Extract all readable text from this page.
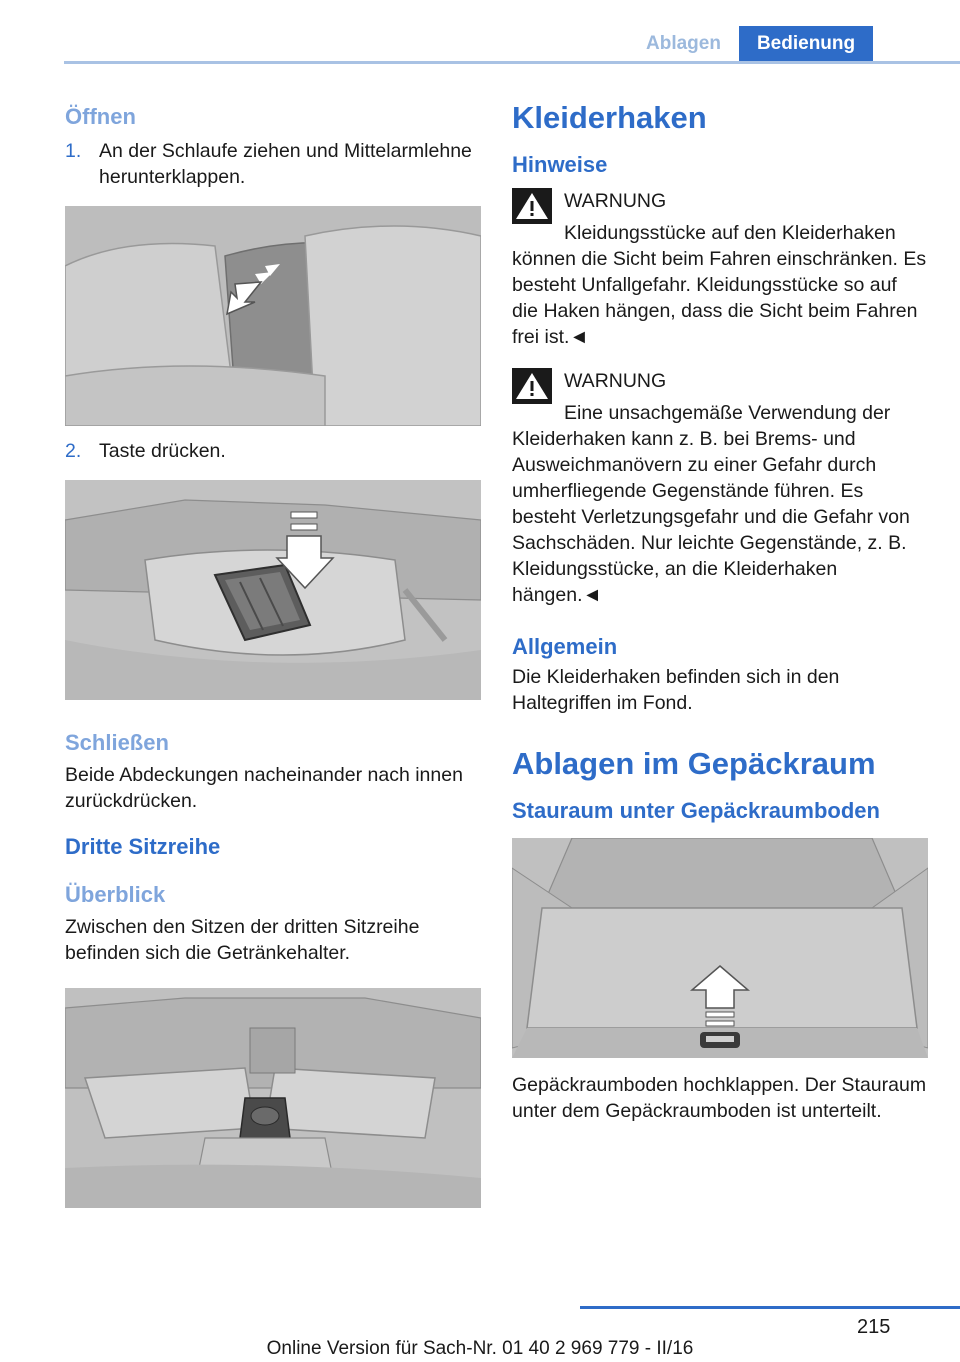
Ablagen	Bedienung
Öffnen
1. An der Schlaufe ziehen und Mittelarmlehne herunterklappen.
2. Taste drücken.
Schließen
Beide Abdeckungen nacheinander nach innen zurückdrücken.
Dritte Sitzreihe
Überblick
Zwischen den Sitzen der dritten Sitzreihe befinden sich die Getränkehalter.
Kleiderhaken
Hinweise
WARNUNG
Kleidungsstücke auf den Kleiderhaken
können die Sicht beim Fahren einschränken. Es besteht Unfallgefahr. Kleidungsstücke so auf die Haken hängen, dass die Sicht beim Fahren frei ist.◄
WARNUNG
Eine unsachgemäße Verwendung der
Kleiderhaken kann z. B. bei Brems- und Ausweichmanövern zu einer Gefahr durch umherfliegende Gegenstände führen. Es besteht Verletzungsgefahr und die Gefahr von Sachschäden. Nur leichte Gegenstände, z. B. Kleidungsstücke, an die Kleiderhaken hängen.◄
Allgemein
Die Kleiderhaken befinden sich in den Haltegriffen im Fond.
Ablagen im Gepäckraum
Stauraum unter Gepäckraumboden
Gepäckraumboden hochklappen. Der Stauraum unter dem Gepäckraumboden ist unterteilt.
215
Online Version für Sach-Nr. 01 40 2 969 779 - II/16
